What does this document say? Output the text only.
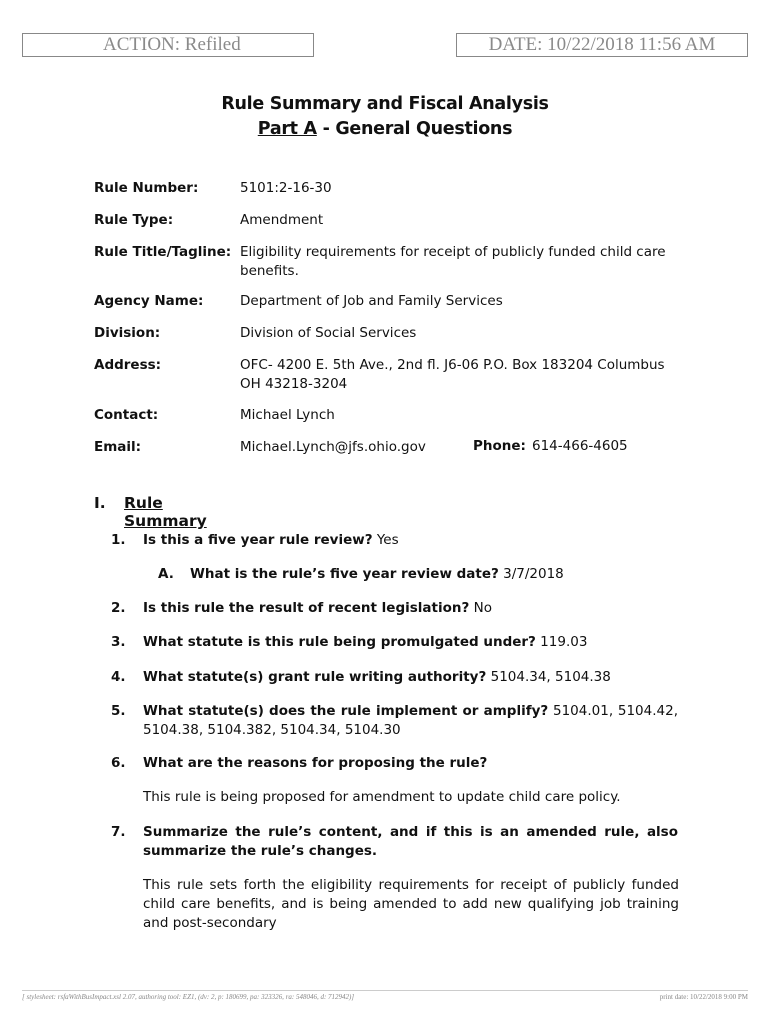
ACTION: Refiled	DATE: 10/22/2018 11:56 AM
Rule Summary and Fiscal Analysis
Part A - General Questions
Rule Number:	5101:2-16-30
Rule Type:	Amendment
Rule Title/Tagline: Eligibility requirements for receipt of publicly funded child care benefits.
Agency Name:	Department of Job and Family Services
Division:	Division of Social Services
Address:	OFC- 4200 E. 5th Ave., 2nd fl. J6-06 P.O. Box 183204 Columbus OH 43218-3204
Contact:	Michael Lynch
Email:	Michael.Lynch@jfs.ohio.gov	Phone: 614-466-4605
I. Rule Summary
1. Is this a five year rule review? Yes
A. What is the rule’s five year review date? 3/7/2018
2. Is this rule the result of recent legislation? No
3. What statute is this rule being promulgated under? 119.03
4. What statute(s) grant rule writing authority? 5104.34, 5104.38
5. What statute(s) does the rule implement or amplify? 5104.01, 5104.42, 5104.38, 5104.382, 5104.34, 5104.30
6. What are the reasons for proposing the rule?
This rule is being proposed for amendment to update child care policy.
7. Summarize the rule’s content, and if this is an amended rule, also summarize the rule’s changes.
This rule sets forth the eligibility requirements for receipt of publicly funded child care benefits, and is being amended to add new qualifying job training and post-secondary
[ stylesheet: rsfaWithBusImpact.xsl 2.07, authoring tool: EZ1, (dv: 2, p: 180699, pa: 323326, ra: 548046, d: 712942)]	print date: 10/22/2018 9:00 PM
